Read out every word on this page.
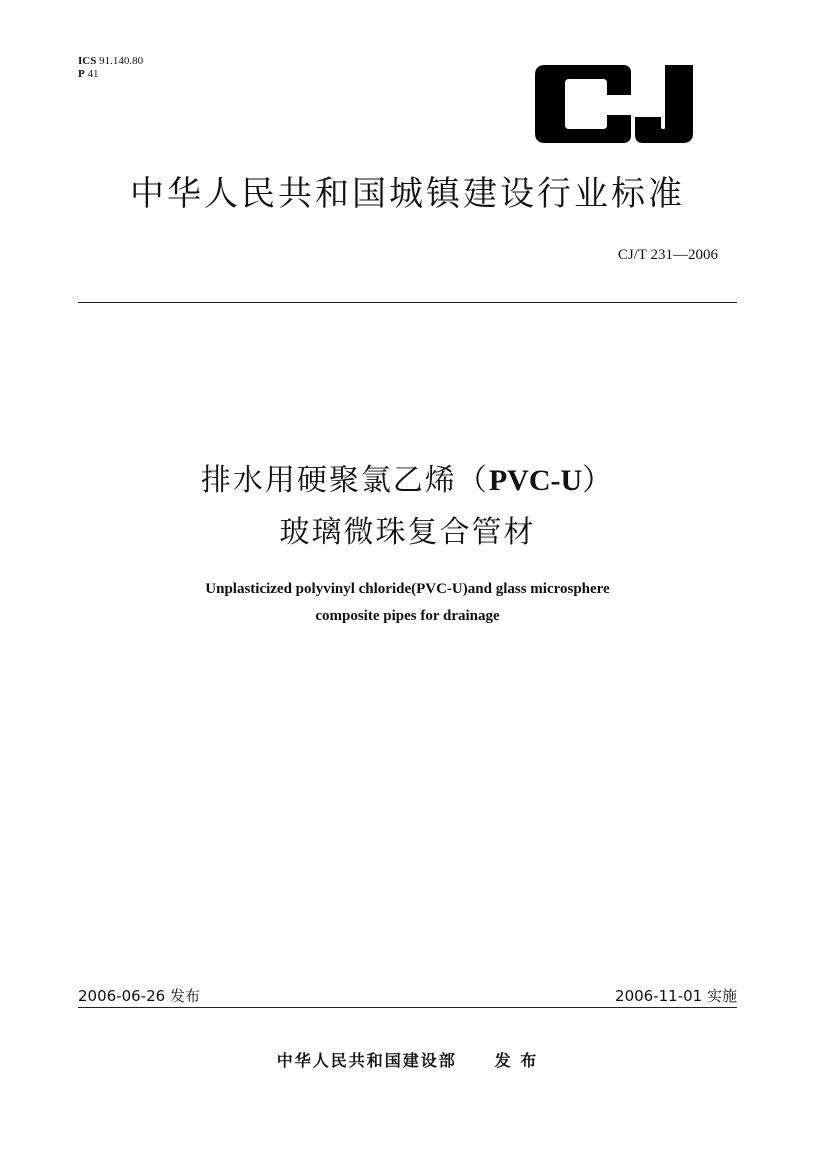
ICS 91.140.80
P 41
中华人民共和国城镇建设行业标准
CJ/T 231—2006
排水用硬聚氯乙烯（PVC-U）
玻璃微珠复合管材
Unplasticized polyvinyl chloride(PVC-U)and glass microsphere
composite pipes for drainage
2006-06-26 发布	2006-11-01 实施
中华人民共和国建设部 发 布
